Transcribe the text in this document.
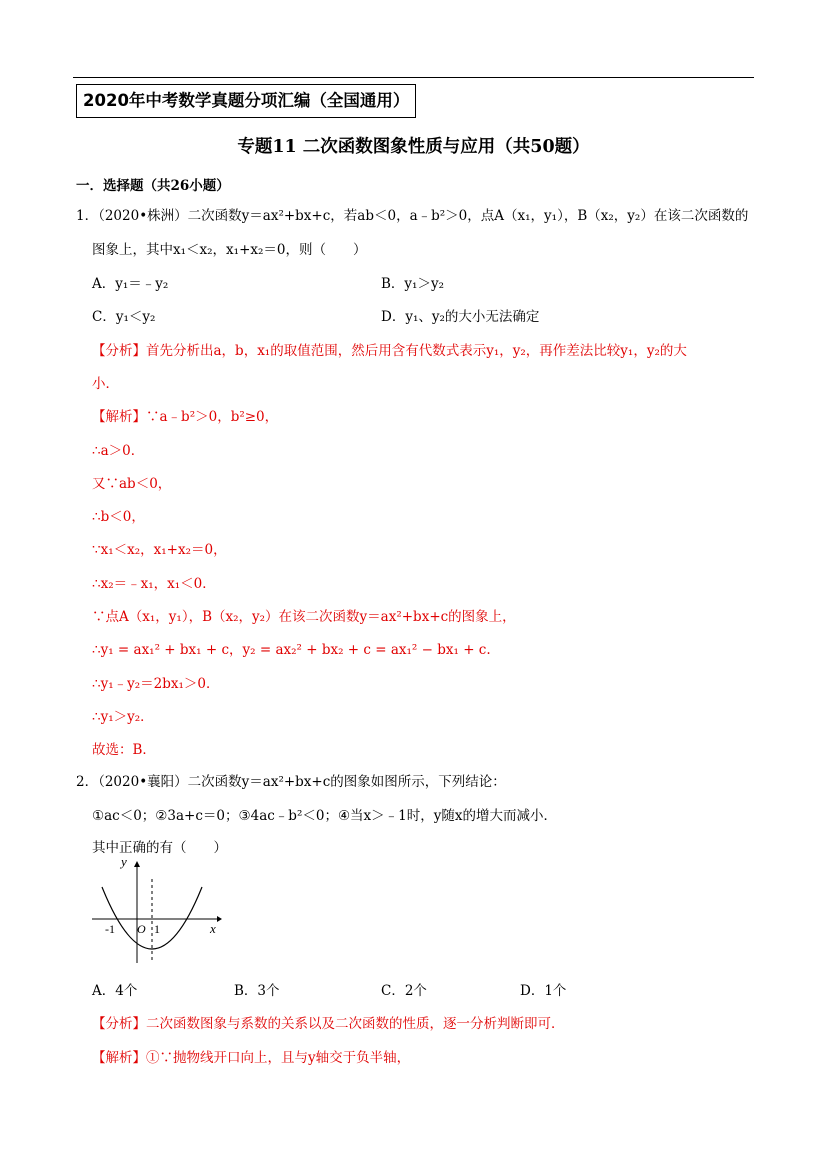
2020年中考数学真题分项汇编（全国通用）
专题11 二次函数图象性质与应用（共50题）
一．选择题（共26小题）
1．（2020•株洲）二次函数y＝ax²+bx+c，若ab＜0，a﹣b²＞0，点A（x₁，y₁），B（x₂，y₂）在该二次函数的
图象上，其中x₁＜x₂，x₁+x₂＝0，则（　　）
A．y₁＝﹣y₂	B．y₁＞y₂
C．y₁＜y₂	D．y₁、y₂的大小无法确定
【分析】首先分析出a，b，x₁的取值范围，然后用含有代数式表示y₁，y₂，再作差法比较y₁，y₂的大
小．
【解析】∵a﹣b²＞0，b²≥0，
∴a＞0．
又∵ab＜0，
∴b＜0，
∵x₁＜x₂，x₁+x₂＝0，
∴x₂＝﹣x₁，x₁＜0．
∵点A（x₁，y₁），B（x₂，y₂）在该二次函数y＝ax²+bx+c的图象上，
∴y₁ = ax₁² + bx₁ + c，y₂ = ax₂² + bx₂ + c = ax₁² − bx₁ + c.
∴y₁﹣y₂＝2bx₁＞0．
∴y₁＞y₂．
故选：B．
2．（2020•襄阳）二次函数y＝ax²+bx+c的图象如图所示，下列结论：
①ac＜0；②3a+c＝0；③4ac﹣b²＜0；④当x＞﹣1时，y随x的增大而减小．
其中正确的有（　　）
y
x
O
-1	1
A．4个	B．3个	C．2个	D．1个
【分析】二次函数图象与系数的关系以及二次函数的性质，逐一分析判断即可．
【解析】①∵抛物线开口向上，且与y轴交于负半轴，
